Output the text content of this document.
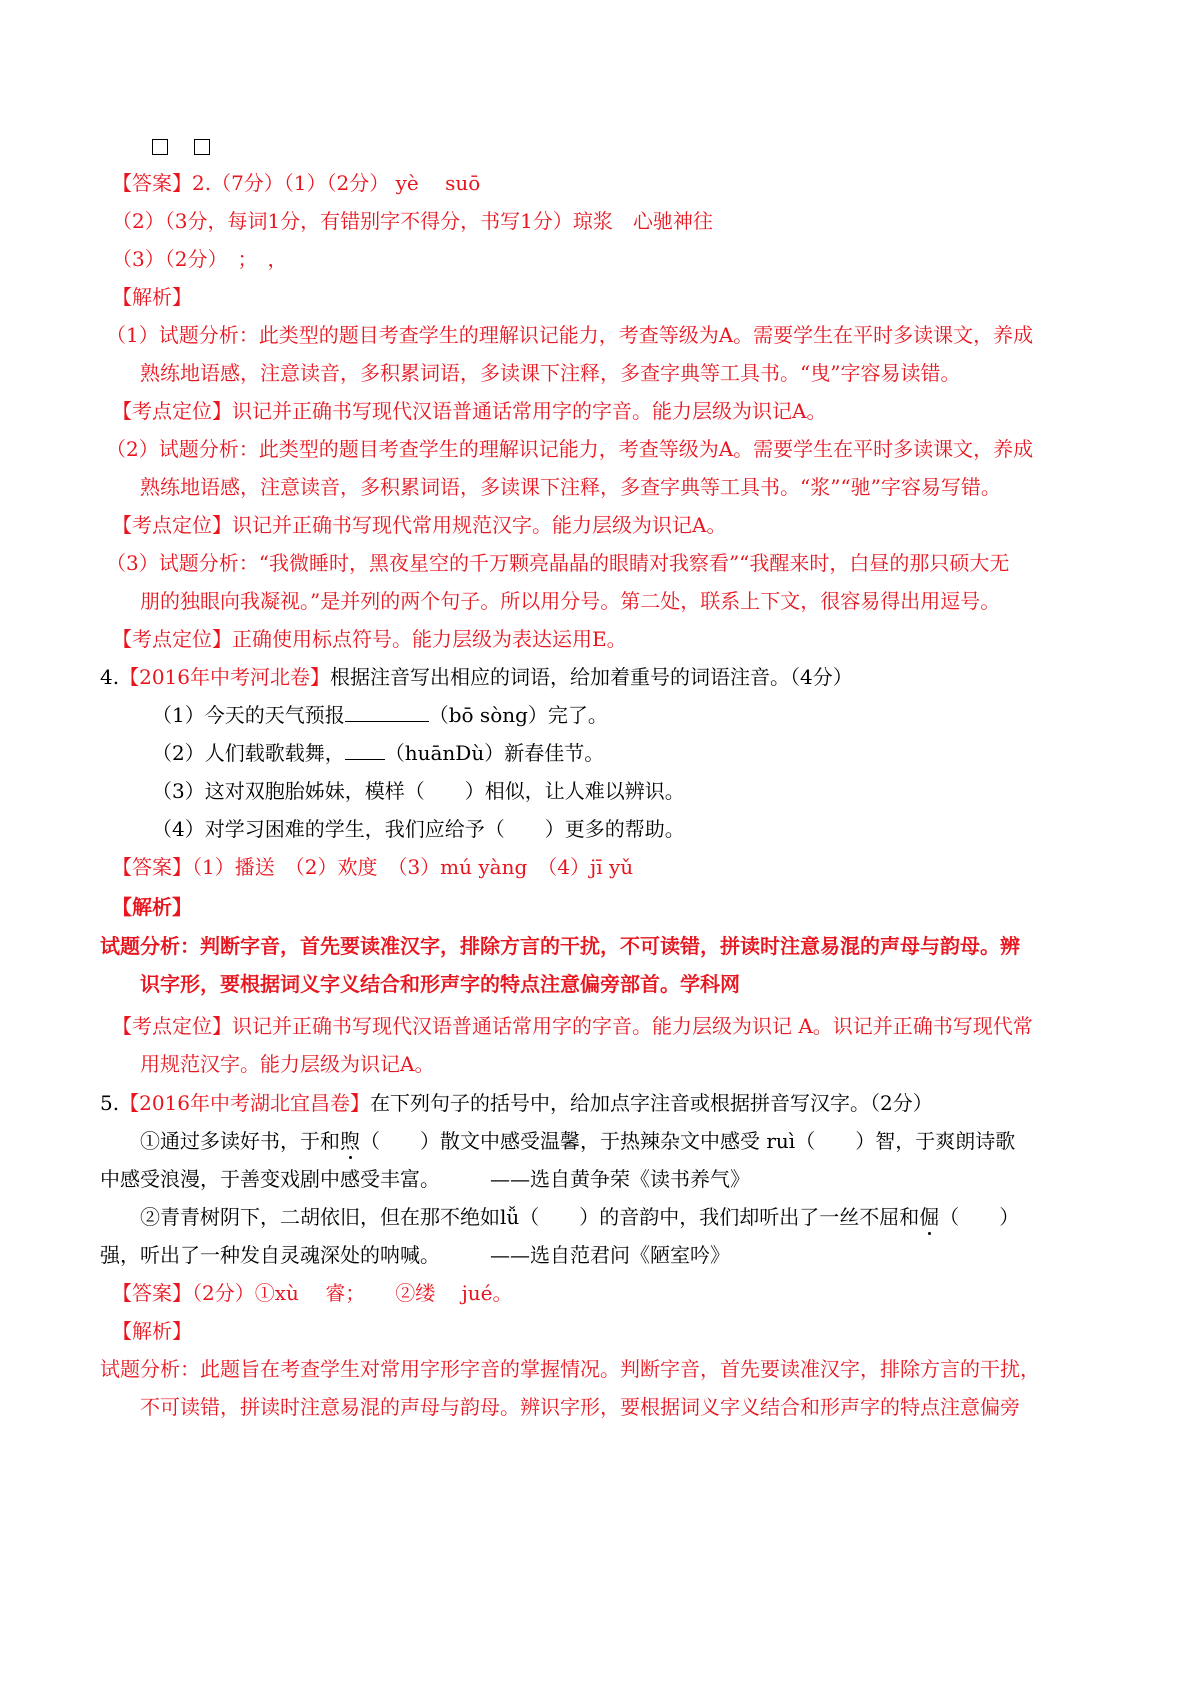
【答案】2.（7分）（1）（2分） yè　 suō
（2）（3分，每词1分，有错别字不得分，书写1分）琼浆　心驰神往
（3）（2分）　；　，
【解析】
（1）试题分析：此类型的题目考查学生的理解识记能力，考查等级为A。需要学生在平时多读课文，养成
熟练地语感，注意读音，多积累词语，多读课下注释，多查字典等工具书。“曳”字容易读错。
【考点定位】识记并正确书写现代汉语普通话常用字的字音。能力层级为识记A。
（2）试题分析：此类型的题目考查学生的理解识记能力，考查等级为A。需要学生在平时多读课文，养成
熟练地语感，注意读音，多积累词语，多读课下注释，多查字典等工具书。“浆”“驰”字容易写错。
【考点定位】识记并正确书写现代常用规范汉字。能力层级为识记A。
（3）试题分析：“我微睡时，黑夜星空的千万颗亮晶晶的眼睛对我察看”“我醒来时，白昼的那只硕大无
朋的独眼向我凝视。”是并列的两个句子。所以用分号。第二处，联系上下文，很容易得出用逗号。
【考点定位】正确使用标点符号。能力层级为表达运用E。
4.【2016年中考河北卷】根据注音写出相应的词语，给加着重号的词语注音。（4分）
（1）今天的天气预报	（bō sòng）完了。
（2）人们载歌载舞， （huānDù）新春佳节。
（3）这对双胞胎姊妹，模样（　　）相似，让人难以辨识。
（4）对学习困难的学生，我们应给予（　　）更多的帮助。
【答案】（1）播送　（2）欢度　（3）mú yàng　（4）jī yǔ
【解析】
试题分析：判断字音，首先要读准汉字，排除方言的干扰，不可读错，拼读时注意易混的声母与韵母。辨
识字形，要根据词义字义结合和形声字的特点注意偏旁部首。学科网
【考点定位】识记并正确书写现代汉语普通话常用字的字音。能力层级为识记 A。识记并正确书写现代常
用规范汉字。能力层级为识记A。
5.【2016年中考湖北宜昌卷】在下列句子的括号中，给加点字注音或根据拼音写汉字。（2分）
①通过多读好书，于和煦（　　）散文中感受温馨，于热辣杂文中感受 ruì（　　）智，于爽朗诗歌
中感受浪漫，于善变戏剧中感受丰富。　　　——选自黄争荣《读书养气》
②青青树阴下，二胡依旧，但在那不绝如lǚ（　　）的音韵中，我们却听出了一丝不屈和倔（　　）
强，听出了一种发自灵魂深处的呐喊。　　　——选自范君问《陋室吟》
【答案】（2分）①xù　 睿；　　②缕　 jué。
【解析】
试题分析：此题旨在考查学生对常用字形字音的掌握情况。判断字音，首先要读准汉字，排除方言的干扰，
不可读错，拼读时注意易混的声母与韵母。辨识字形，要根据词义字义结合和形声字的特点注意偏旁
